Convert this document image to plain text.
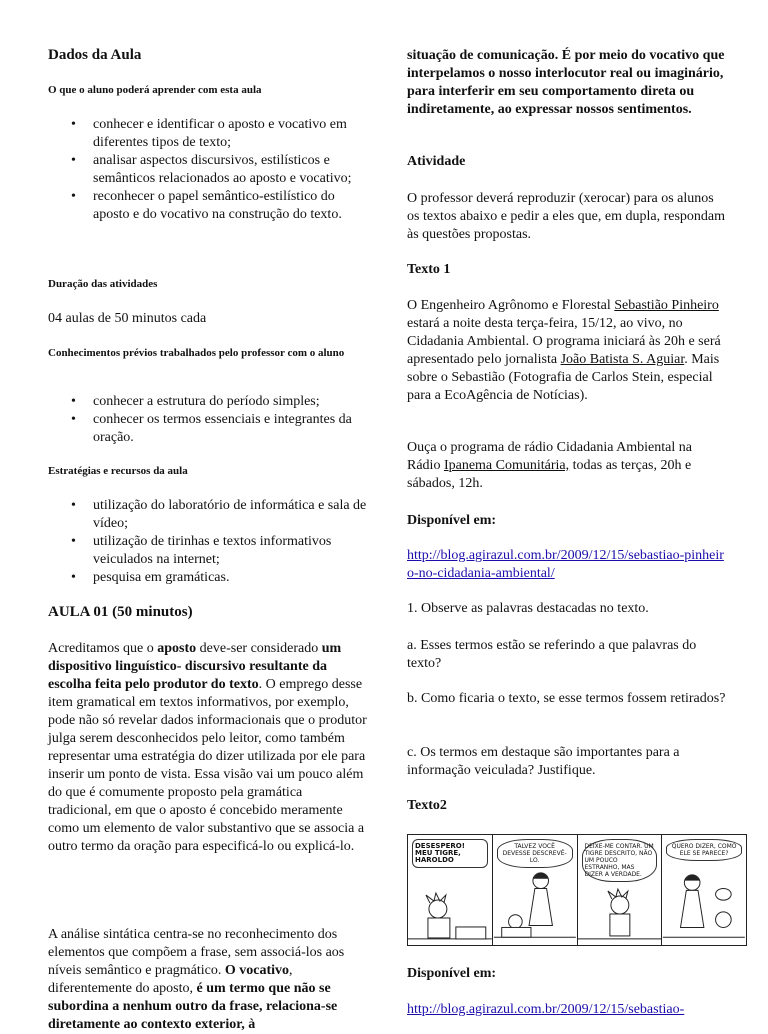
Dados da Aula
O que o aluno poderá aprender com esta aula
• conhecer e identificar o aposto e vocativo em diferentes tipos de texto;
• analisar aspectos discursivos, estilísticos e semânticos relacionados ao aposto e vocativo;
• reconhecer o papel semântico-estilístico do aposto e do vocativo na construção do texto.
Duração das atividades
04 aulas de 50 minutos cada
Conhecimentos prévios trabalhados pelo professor com o aluno
• conhecer a estrutura do período simples;
• conhecer os termos essenciais e integrantes da oração.
Estratégias e recursos da aula
• utilização do laboratório de informática e sala de vídeo;
• utilização de tirinhas e textos informativos veiculados na internet;
• pesquisa em gramáticas.
AULA 01 (50 minutos)
Acreditamos que o aposto deve-ser considerado um dispositivo linguístico- discursivo resultante da escolha feita pelo produtor do texto. O emprego desse item gramatical em textos informativos, por exemplo, pode não só revelar dados informacionais que o produtor julga serem desconhecidos pelo leitor, como também representar uma estratégia do dizer utilizada por ele para inserir um ponto de vista. Essa visão vai um pouco além do que é comumente proposto pela gramática tradicional, em que o aposto é concebido meramente como um elemento de valor substantivo que se associa a outro termo da oração para especificá-lo ou explicá-lo.
A análise sintática centra-se no reconhecimento dos elementos que compõem a frase, sem associá-los aos níveis semântico e pragmático. O vocativo, diferentemente do aposto, é um termo que não se subordina a nenhum outro da frase, relaciona-se diretamente ao contexto exterior, à
situação de comunicação. É por meio do vocativo que interpelamos o nosso interlocutor real ou imaginário, para interferir em seu comportamento direta ou indiretamente, ao expressar nossos sentimentos.
Atividade
O professor deverá reproduzir (xerocar) para os alunos os textos abaixo e pedir a eles que, em dupla, respondam às questões propostas.
Texto 1
O Engenheiro Agrônomo e Florestal Sebastião Pinheiro estará a noite desta terça-feira, 15/12, ao vivo, no Cidadania Ambiental. O programa iniciará às 20h e será apresentado pelo jornalista João Batista S. Aguiar. Mais sobre o Sebastião (Fotografia de Carlos Stein, especial para a EcoAgência de Notícias).
Ouça o programa de rádio Cidadania Ambiental na Rádio Ipanema Comunitária, todas as terças, 20h e sábados, 12h.
Disponível em:
http://blog.agirazul.com.br/2009/12/15/sebastiao-pinheiro-no-cidadania-ambiental/
1. Observe as palavras destacadas no texto.
a. Esses termos estão se referindo a que palavras do texto?
b. Como ficaria o texto, se esse termos fossem retirados?
c. Os termos em destaque são importantes para a informação veiculada? Justifique.
Texto2
DESESPERO! MEU TIGRE, HAROLDO
TALVEZ VOCÊ DEVESSE DESCREVÊ-LO.
DEIXE-ME CONTAR. UM TIGRE DESCRITO, NÃO UM POUCO ESTRANHO, MAS DIZER A VERDADE.
QUERO DIZER, COMO ELE SE PARECE?
Disponível em:
http://blog.agirazul.com.br/2009/12/15/sebastiao-
